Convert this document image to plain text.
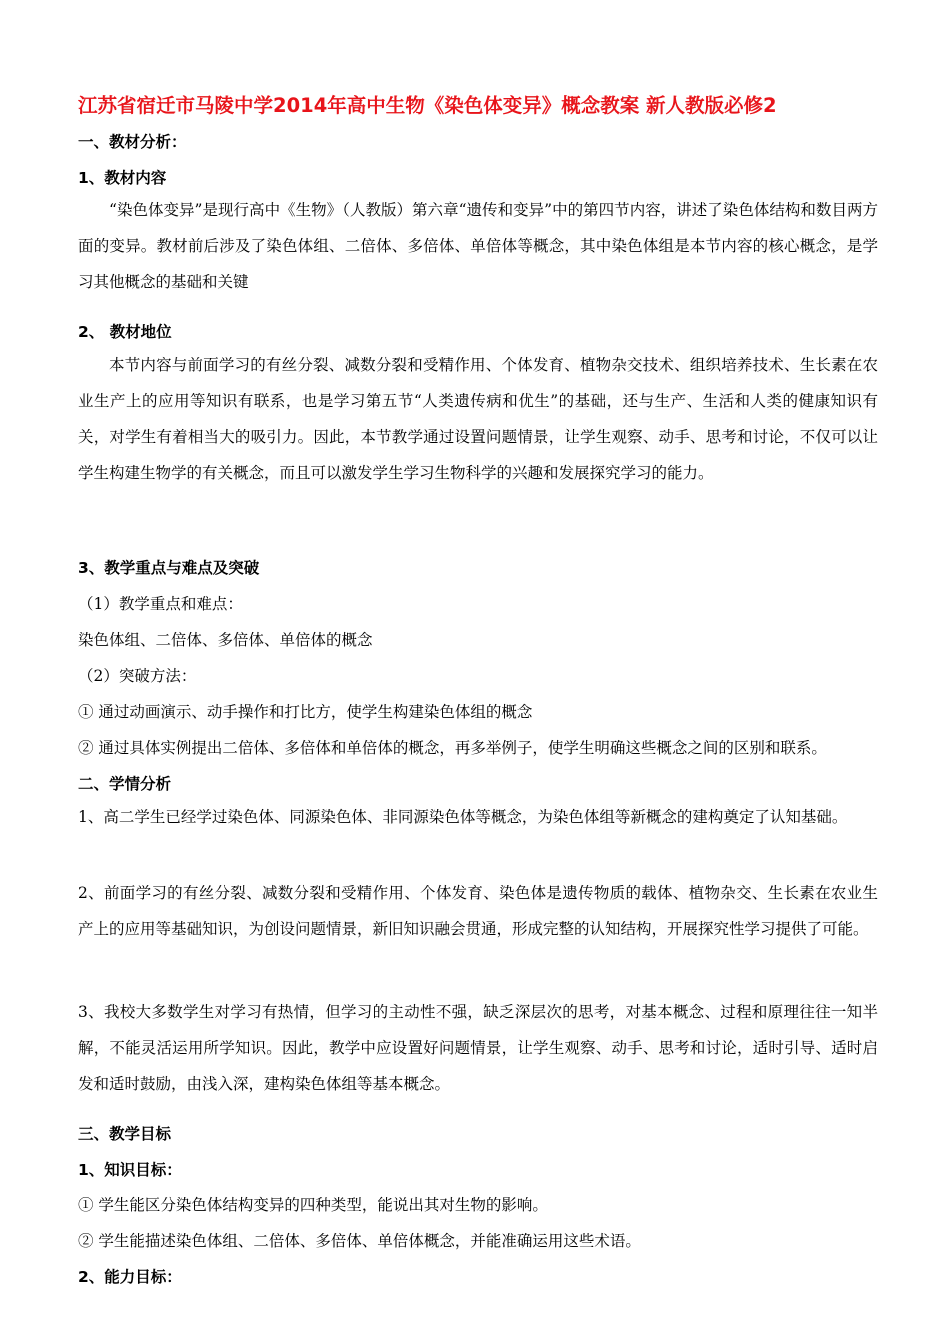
江苏省宿迁市马陵中学2014年高中生物《染色体变异》概念教案 新人教版必修2
一、教材分析：
1、教材内容

“染色体变异”是现行高中《生物》（人教版）第六章“遗传和变异”中的第四节内容，讲述了染色体结构和数目两方面的变异。教材前后涉及了染色体组、二倍体、多倍体、单倍体等概念，其中染色体组是本节内容的核心概念，是学习其他概念的基础和关键

2、 教材地位

本节内容与前面学习的有丝分裂、减数分裂和受精作用、个体发育、植物杂交技术、组织培养技术、生长素在农业生产上的应用等知识有联系，也是学习第五节“人类遗传病和优生”的基础，还与生产、生活和人类的健康知识有关，对学生有着相当大的吸引力。因此，本节教学通过设置问题情景，让学生观察、动手、思考和讨论，不仅可以让学生构建生物学的有关概念，而且可以激发学生学习生物科学的兴趣和发展探究学习的能力。

3、教学重点与难点及突破
（1）教学重点和难点：
染色体组、二倍体、多倍体、单倍体的概念
（2）突破方法：
① 通过动画演示、动手操作和打比方，使学生构建染色体组的概念
② 通过具体实例提出二倍体、多倍体和单倍体的概念，再多举例子，使学生明确这些概念之间的区别和联系。
二、学情分析

1、高二学生已经学过染色体、同源染色体、非同源染色体等概念，为染色体组等新概念的建构奠定了认知基础。

2、前面学习的有丝分裂、减数分裂和受精作用、个体发育、染色体是遗传物质的载体、植物杂交、生长素在农业生产上的应用等基础知识，为创设问题情景，新旧知识融会贯通，形成完整的认知结构，开展探究性学习提供了可能。

3、我校大多数学生对学习有热情，但学习的主动性不强，缺乏深层次的思考，对基本概念、过程和原理往往一知半解，不能灵活运用所学知识。因此，教学中应设置好问题情景，让学生观察、动手、思考和讨论，适时引导、适时启发和适时鼓励，由浅入深，建构染色体组等基本概念。

三、教学目标
1、知识目标：
① 学生能区分染色体结构变异的四种类型，能说出其对生物的影响。
② 学生能描述染色体组、二倍体、多倍体、单倍体概念，并能准确运用这些术语。
2、能力目标：
